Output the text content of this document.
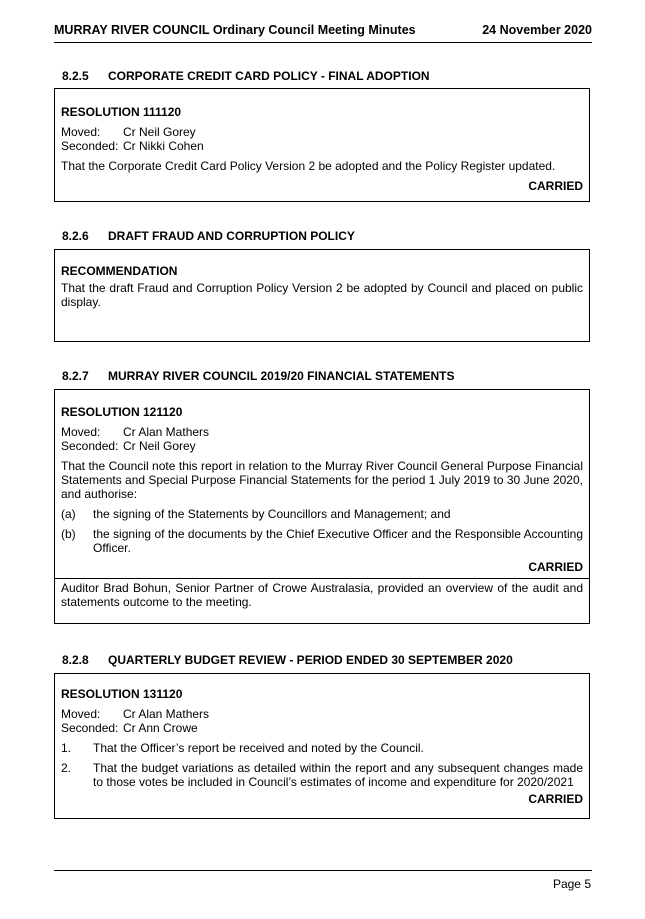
MURRAY RIVER COUNCIL Ordinary Council Meeting Minutes	24 November 2020
8.2.5	CORPORATE CREDIT CARD POLICY - FINAL ADOPTION
RESOLUTION 111120
Moved:	Cr Neil Gorey
Seconded: Cr Nikki Cohen
That the Corporate Credit Card Policy Version 2 be adopted and the Policy Register updated.
CARRIED
8.2.6	DRAFT FRAUD AND CORRUPTION POLICY
RECOMMENDATION
That the draft Fraud and Corruption Policy Version 2 be adopted by Council and placed on public display.
8.2.7	MURRAY RIVER COUNCIL 2019/20 FINANCIAL STATEMENTS
RESOLUTION 121120
Moved:	Cr Alan Mathers
Seconded: Cr Neil Gorey
That the Council note this report in relation to the Murray River Council General Purpose Financial Statements and Special Purpose Financial Statements for the period 1 July 2019 to 30 June 2020, and authorise:
(a)	the signing of the Statements by Councillors and Management; and
(b)	the signing of the documents by the Chief Executive Officer and the Responsible Accounting Officer.
CARRIED
Auditor Brad Bohun, Senior Partner of Crowe Australasia, provided an overview of the audit and statements outcome to the meeting.
8.2.8	QUARTERLY BUDGET REVIEW - PERIOD ENDED 30 SEPTEMBER 2020
RESOLUTION 131120
Moved:	Cr Alan Mathers
Seconded: Cr Ann Crowe
1.	That the Officer’s report be received and noted by the Council.
2.	That the budget variations as detailed within the report and any subsequent changes made to those votes be included in Council’s estimates of income and expenditure for 2020/2021
CARRIED
Page 5
